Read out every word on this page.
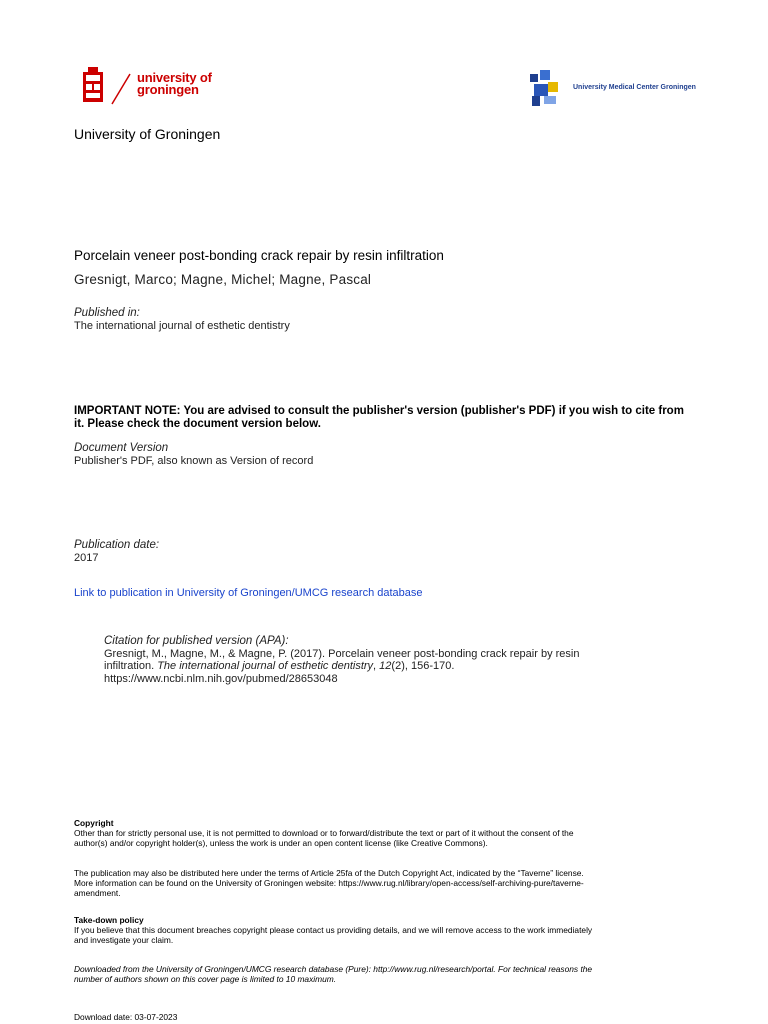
university of
groningen	University Medical Center Groningen
University of Groningen
Porcelain veneer post-bonding crack repair by resin infiltration
Gresnigt, Marco; Magne, Michel; Magne, Pascal
Published in:
The international journal of esthetic dentistry
IMPORTANT NOTE: You are advised to consult the publisher's version (publisher's PDF) if you wish to cite from
it. Please check the document version below.
Document Version
Publisher's PDF, also known as Version of record
Publication date:
2017
Link to publication in University of Groningen/UMCG research database
Citation for published version (APA):
Gresnigt, M., Magne, M., & Magne, P. (2017). Porcelain veneer post-bonding crack repair by resin
infiltration. The international journal of esthetic dentistry, 12(2), 156-170.
https://www.ncbi.nlm.nih.gov/pubmed/28653048
Copyright
Other than for strictly personal use, it is not permitted to download or to forward/distribute the text or part of it without the consent of the
author(s) and/or copyright holder(s), unless the work is under an open content license (like Creative Commons).
The publication may also be distributed here under the terms of Article 25fa of the Dutch Copyright Act, indicated by the “Taverne” license.
More information can be found on the University of Groningen website: https://www.rug.nl/library/open-access/self-archiving-pure/taverne-
amendment.
Take-down policy
If you believe that this document breaches copyright please contact us providing details, and we will remove access to the work immediately
and investigate your claim.
Downloaded from the University of Groningen/UMCG research database (Pure): http://www.rug.nl/research/portal. For technical reasons the
number of authors shown on this cover page is limited to 10 maximum.
Download date: 03-07-2023
